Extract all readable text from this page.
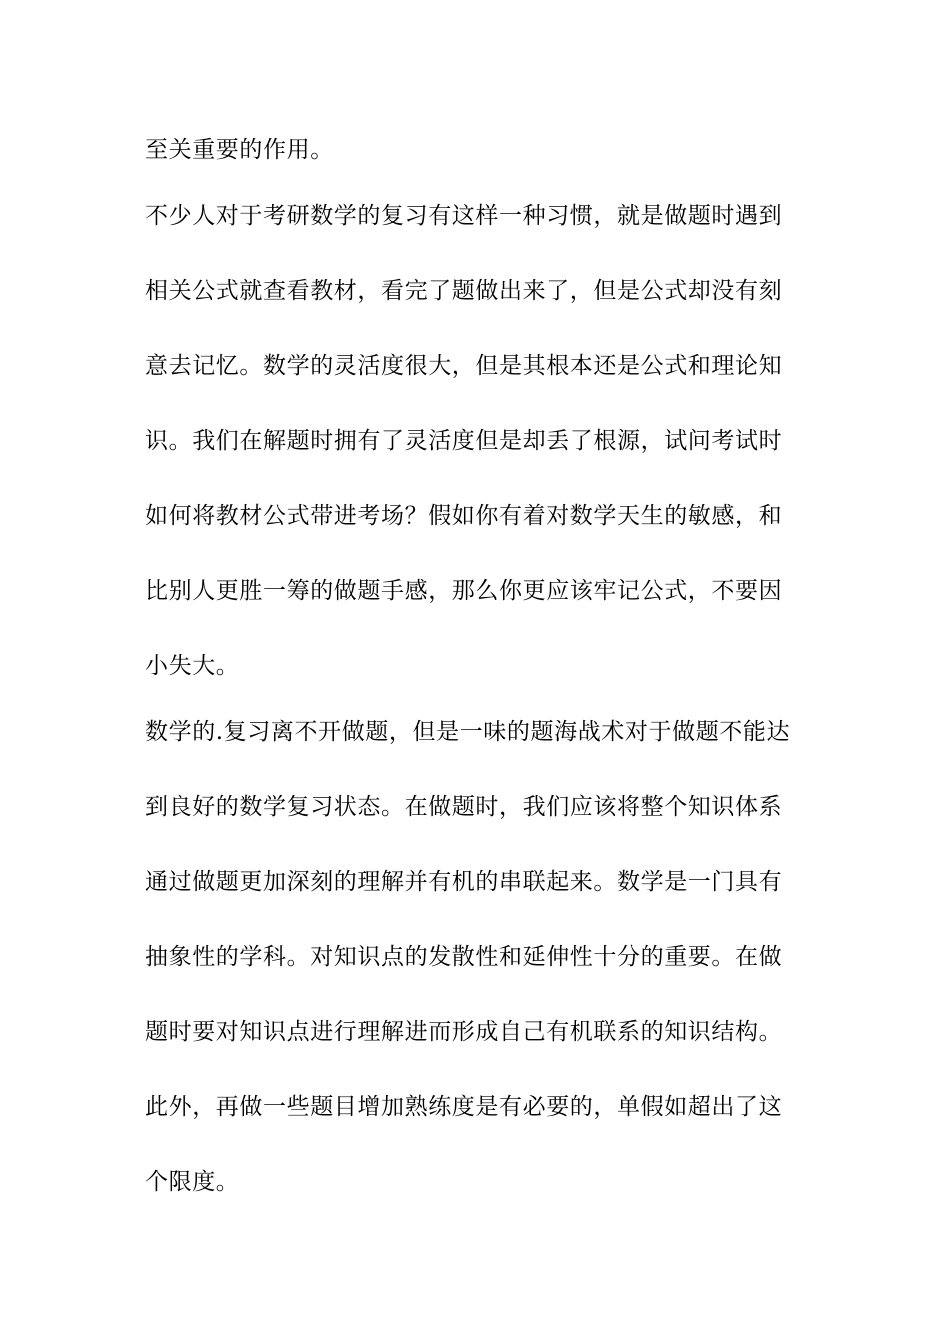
至关重要的作用。
不少人对于考研数学的复习有这样一种习惯，就是做题时遇到
相关公式就查看教材，看完了题做出来了，但是公式却没有刻
意去记忆。数学的灵活度很大，但是其根本还是公式和理论知
识。我们在解题时拥有了灵活度但是却丢了根源，试问考试时
如何将教材公式带进考场？假如你有着对数学天生的敏感，和
比别人更胜一筹的做题手感，那么你更应该牢记公式，不要因
小失大。
数学的.复习离不开做题，但是一味的题海战术对于做题不能达
到良好的数学复习状态。在做题时，我们应该将整个知识体系
通过做题更加深刻的理解并有机的串联起来。数学是一门具有
抽象性的学科。对知识点的发散性和延伸性十分的重要。在做
题时要对知识点进行理解进而形成自己有机联系的知识结构。
此外，再做一些题目增加熟练度是有必要的，单假如超出了这
个限度。
